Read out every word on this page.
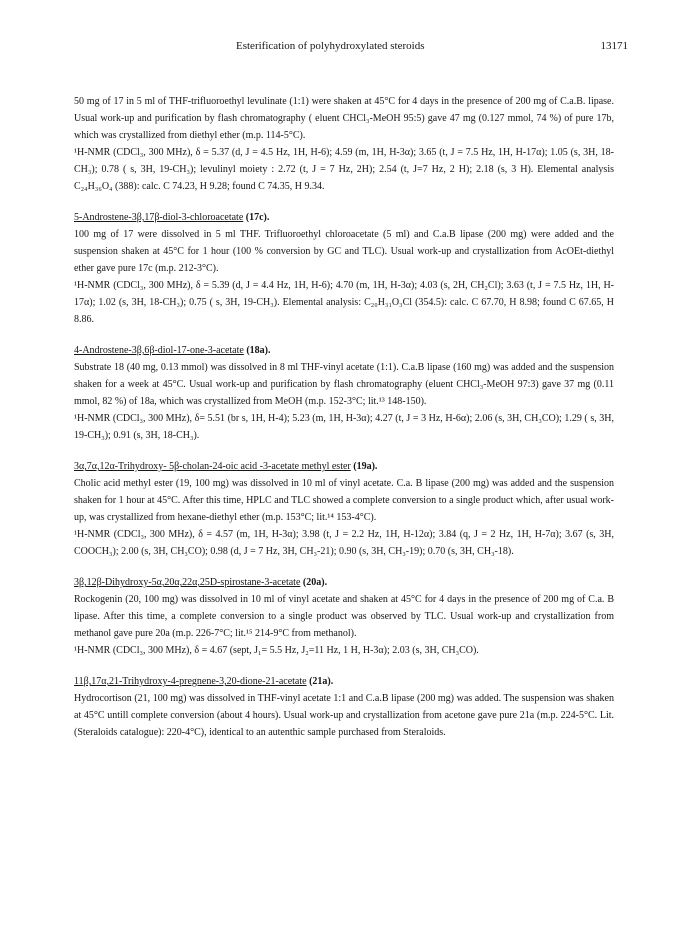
Esterification of polyhydroxylated steroids	13171

50 mg of 17 in 5 ml of THF-trifluoroethyl levulinate (1:1) were shaken at 45°C for 4 days in the presence of 200 mg of C.a.B. lipase. Usual work-up and purification by flash chromatography ( eluent CHCl₃-MeOH 95:5) gave 47 mg (0.127 mmol, 74 %) of pure 17b, which was crystallized from diethyl ether (m.p. 114-5°C).

¹H-NMR (CDCl₃, 300 MHz), δ = 5.37 (d, J = 4.5 Hz, 1H, H-6); 4.59 (m, 1H, H-3α); 3.65 (t, J = 7.5 Hz, 1H, H-17α); 1.05 (s, 3H, 18-CH₃); 0.78 ( s, 3H, 19-CH₃); levulinyl moiety : 2.72 (t, J = 7 Hz, 2H); 2.54 (t, J=7 Hz, 2 H); 2.18 (s, 3 H). Elemental analysis C₂₄H₃₆O₄ (388): calc. C 74.23, H 9.28; found C 74.35, H 9.34.

5-Androstene-3β,17β-diol-3-chloroacetate (17c).

100 mg of 17 were dissolved in 5 ml THF. Trifluoroethyl chloroacetate (5 ml) and C.a.B lipase (200 mg) were added and the suspension shaken at 45°C for 1 hour (100 % conversion by GC and TLC). Usual work-up and crystallization from AcOEt-diethyl ether gave pure 17c (m.p. 212-3°C).

¹H-NMR (CDCl₃, 300 MHz), δ = 5.39 (d, J = 4.4 Hz, 1H, H-6); 4.70 (m, 1H, H-3α); 4.03 (s, 2H, CH₂Cl); 3.63 (t, J = 7.5 Hz, 1H, H-17α); 1.02 (s, 3H, 18-CH₃); 0.75 ( s, 3H, 19-CH₃). Elemental analysis: C₂₀H₃₁O₃Cl (354.5): calc. C 67.70, H 8.98; found C 67.65, H 8.86.

4-Androstene-3β,6β-diol-17-one-3-acetate (18a).

Substrate 18 (40 mg, 0.13 mmol) was dissolved in 8 ml THF-vinyl acetate (1:1). C.a.B lipase (160 mg) was added and the suspension shaken for a week at 45°C. Usual work-up and purification by flash chromatography (eluent CHCl₃-MeOH 97:3) gave 37 mg (0.11 mmol, 82 %) of 18a, which was crystallized from MeOH (m.p. 152-3°C; lit.¹³ 148-150).

¹H-NMR (CDCl₃, 300 MHz), δ= 5.51 (br s, 1H, H-4); 5.23 (m, 1H, H-3α); 4.27 (t, J = 3 Hz, H-6α); 2.06 (s, 3H, CH₃CO); 1.29 ( s, 3H, 19-CH₃); 0.91 (s, 3H, 18-CH₃).

3α,7α,12α-Trihydroxy- 5β-cholan-24-oic acid -3-acetate methyl ester (19a).

Cholic acid methyl ester (19, 100 mg) was dissolved in 10 ml of vinyl acetate. C.a. B lipase (200 mg) was added and the suspension shaken for 1 hour at 45°C. After this time, HPLC and TLC showed a complete conversion to a single product which, after usual work-up, was crystallized from hexane-diethyl ether (m.p. 153°C; lit.¹⁴ 153-4°C).

¹H-NMR (CDCl₃, 300 MHz), δ = 4.57 (m, 1H, H-3α); 3.98 (t, J = 2.2 Hz, 1H, H-12α); 3.84 (q, J = 2 Hz, 1H, H-7α); 3.67 (s, 3H, COOCH₃); 2.00 (s, 3H, CH₃CO); 0.98 (d, J = 7 Hz, 3H, CH₃-21); 0.90 (s, 3H, CH₃-19); 0.70 (s, 3H, CH₃-18).

3β,12β-Dihydroxy-5α,20α,22α,25D-spirostane-3-acetate (20a).

Rockogenin (20, 100 mg) was dissolved in 10 ml of vinyl acetate and shaken at 45°C for 4 days in the presence of 200 mg of C.a. B lipase. After this time, a complete conversion to a single product was observed by TLC. Usual work-up and crystallization from methanol gave pure 20a (m.p. 226-7°C; lit.¹⁵ 214-9°C from methanol).

¹H-NMR (CDCl₃, 300 MHz), δ = 4.67 (sept, J₁= 5.5 Hz, J₂=11 Hz, 1 H, H-3α); 2.03 (s, 3H, CH₃CO).

11β,17α,21-Trihydroxy-4-pregnene-3,20-dione-21-acetate (21a).

Hydrocortison (21, 100 mg) was dissolved in THF-vinyl acetate 1:1 and C.a.B lipase (200 mg) was added. The suspension was shaken at 45°C untill complete conversion (about 4 hours). Usual work-up and crystallization from acetone gave pure 21a (m.p. 224-5°C. Lit. (Steraloids catalogue): 220-4°C), identical to an autenthic sample purchased from Steraloids.
